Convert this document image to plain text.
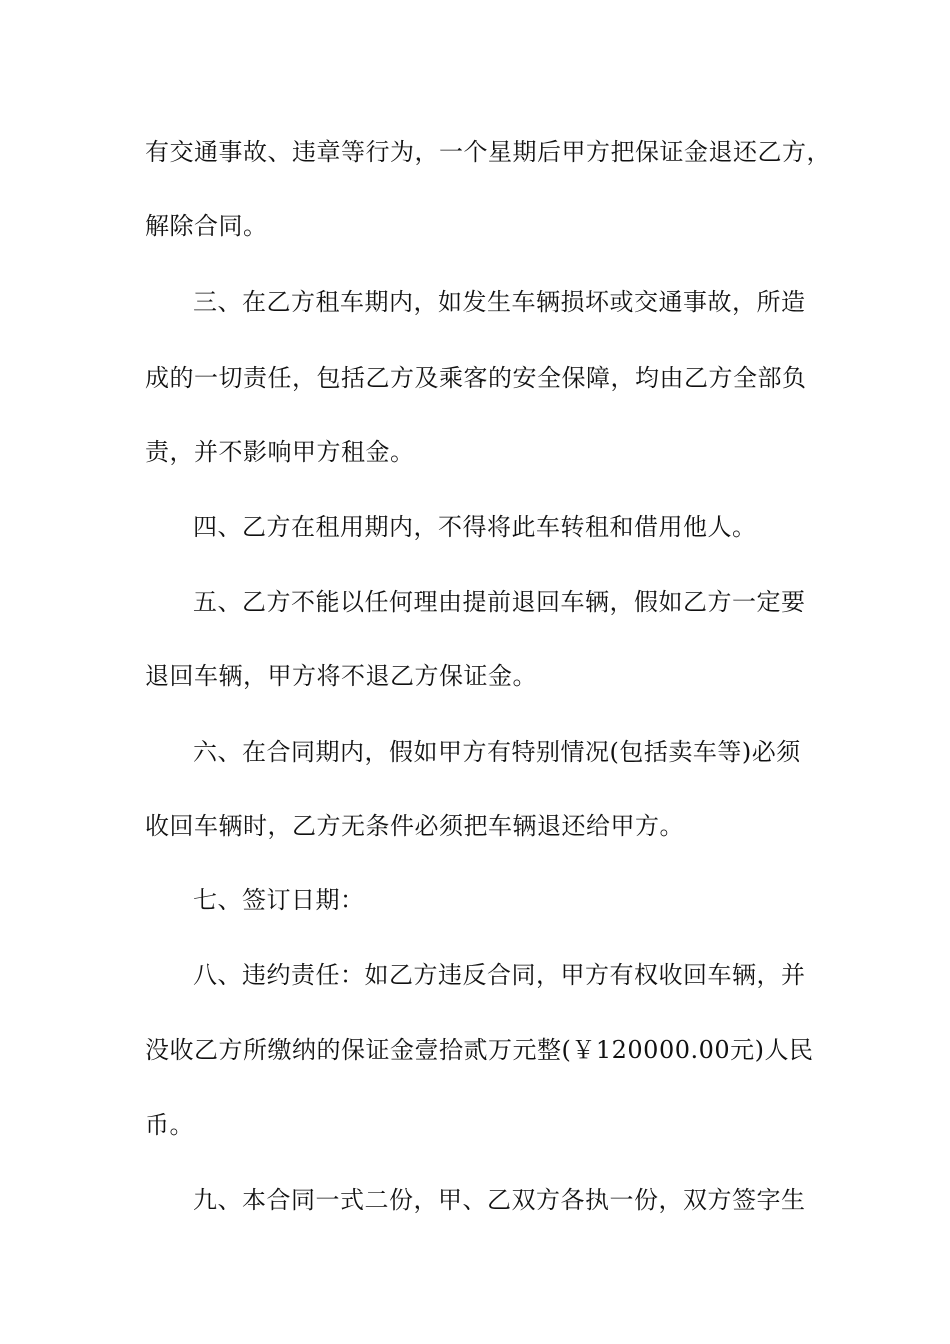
有交通事故、违章等行为，一个星期后甲方把保证金退还乙方，
解除合同。
三、在乙方租车期内，如发生车辆损坏或交通事故，所造
成的一切责任，包括乙方及乘客的安全保障，均由乙方全部负
责，并不影响甲方租金。
四、乙方在租用期内，不得将此车转租和借用他人。
五、乙方不能以任何理由提前退回车辆，假如乙方一定要
退回车辆，甲方将不退乙方保证金。
六、在合同期内，假如甲方有特别情况(包括卖车等)必须
收回车辆时，乙方无条件必须把车辆退还给甲方。
七、签订日期：
八、违约责任：如乙方违反合同，甲方有权收回车辆，并
没收乙方所缴纳的保证金壹拾贰万元整(￥120000.00元)人民
币。
九、本合同一式二份，甲、乙双方各执一份，双方签字生
